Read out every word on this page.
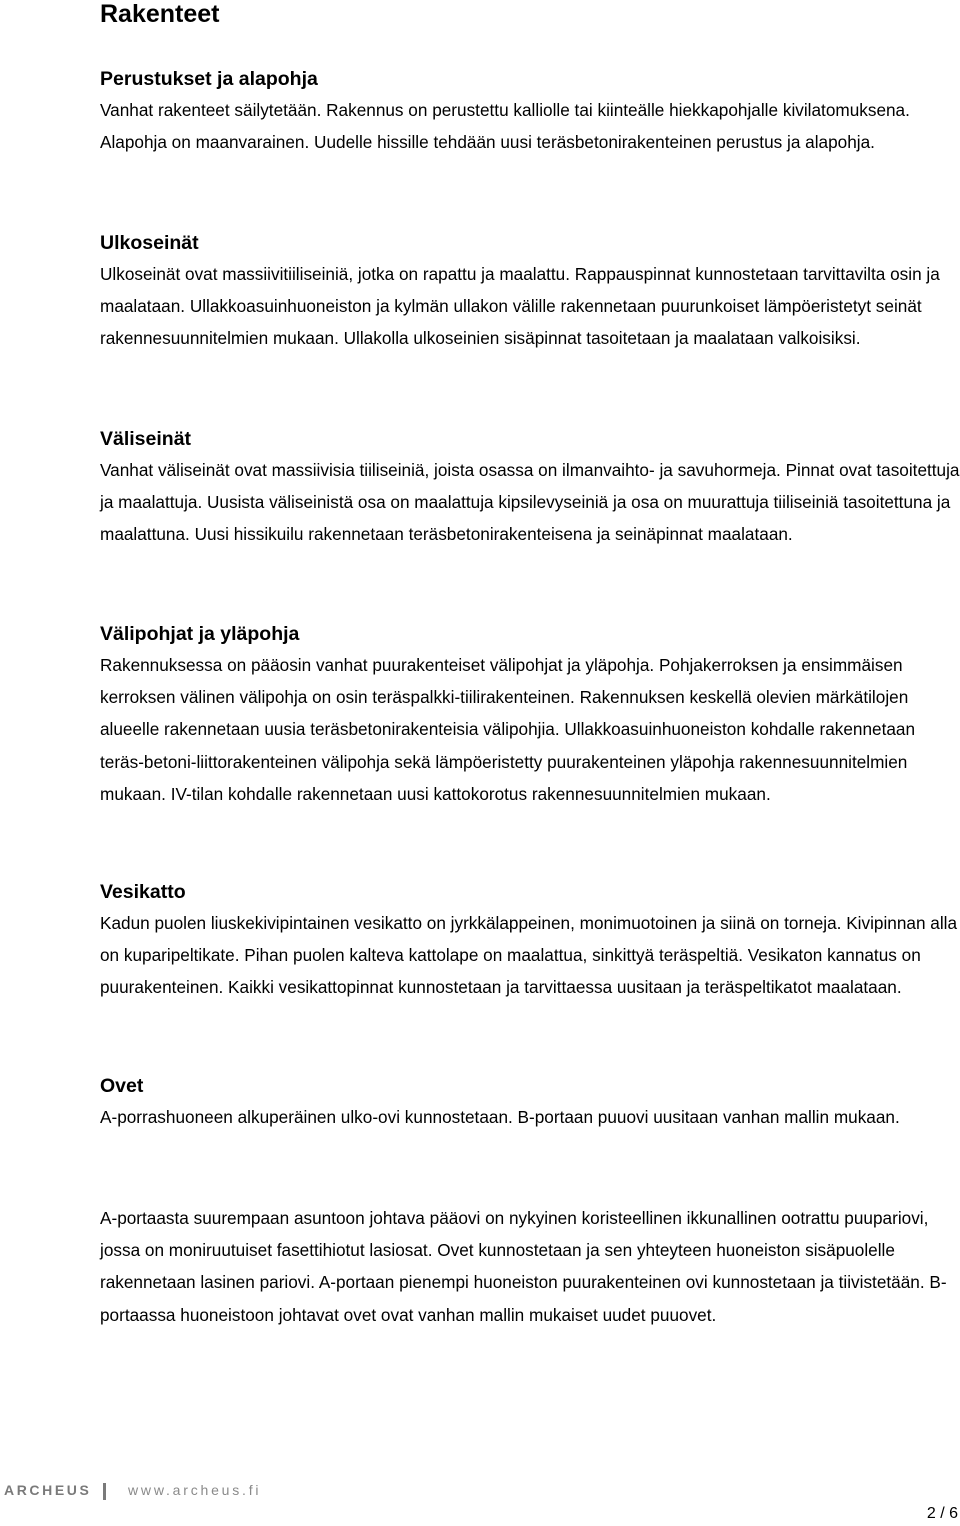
Rakenteet
Perustukset ja alapohja

Vanhat rakenteet säilytetään. Rakennus on perustettu kalliolle tai kiinteälle hiekkapohjalle kivilatomuksena. Alapohja on maanvarainen. Uudelle hissille tehdään uusi teräsbetonirakenteinen perustus ja alapohja.

Ulkoseinät

Ulkoseinät ovat massiivitiiliseiniä, jotka on rapattu ja maalattu. Rappauspinnat kunnostetaan tarvittavilta osin ja maalataan. Ullakkoasuinhuoneiston ja kylmän ullakon välille rakennetaan puurunkoiset lämpöeristetyt seinät rakennesuunnitelmien mukaan. Ullakolla ulkoseinien sisäpinnat tasoitetaan ja maalataan valkoisiksi.

Väliseinät

Vanhat väliseinät ovat massiivisia tiiliseiniä, joista osassa on ilmanvaihto- ja savuhormeja. Pinnat ovat tasoitettuja ja maalattuja. Uusista väliseinistä osa on maalattuja kipsilevyseiniä ja osa on muurattuja tiiliseiniä tasoitettuna ja maalattuna. Uusi hissikuilu rakennetaan teräsbetonirakenteisena ja seinäpinnat maalataan.

Välipohjat ja yläpohja

Rakennuksessa on pääosin vanhat puurakenteiset välipohjat ja yläpohja. Pohjakerroksen ja ensimmäisen kerroksen välinen välipohja on osin teräspalkki-tiilirakenteinen. Rakennuksen keskellä olevien märkätilojen alueelle rakennetaan uusia teräsbetonirakenteisia välipohjia. Ullakkoasuinhuoneiston kohdalle rakennetaan teräs-betoni-liittorakenteinen välipohja sekä lämpöeristetty puurakenteinen yläpohja rakennesuunnitelmien mukaan. IV-tilan kohdalle rakennetaan uusi kattokorotus rakennesuunnitelmien mukaan.

Vesikatto

Kadun puolen liuskekivipintainen vesikatto on jyrkkälappeinen, monimuotoinen ja siinä on torneja. Kivipinnan alla on kuparipeltikate. Pihan puolen kalteva kattolape on maalattua, sinkittyä teräspeltiä. Vesikaton kannatus on puurakenteinen. Kaikki vesikattopinnat kunnostetaan ja tarvittaessa uusitaan ja teräspeltikatot maalataan.

Ovet

A-porrashuoneen alkuperäinen ulko-ovi kunnostetaan. B-portaan puuovi uusitaan vanhan mallin mukaan.

A-portaasta suurempaan asuntoon johtava pääovi on nykyinen koristeellinen ikkunallinen ootrattu puupariovi, jossa on moniruutuiset fasettihiotut lasiosat. Ovet kunnostetaan ja sen yhteyteen huoneiston sisäpuolelle rakennetaan lasinen pariovi. A-portaan pienempi huoneiston puurakenteinen ovi kunnostetaan ja tiivistetään. B-portaassa huoneistoon johtavat ovet ovat vanhan mallin mukaiset uudet puuovet.

ARCHEUS	www.archeus.fi
2 / 6
